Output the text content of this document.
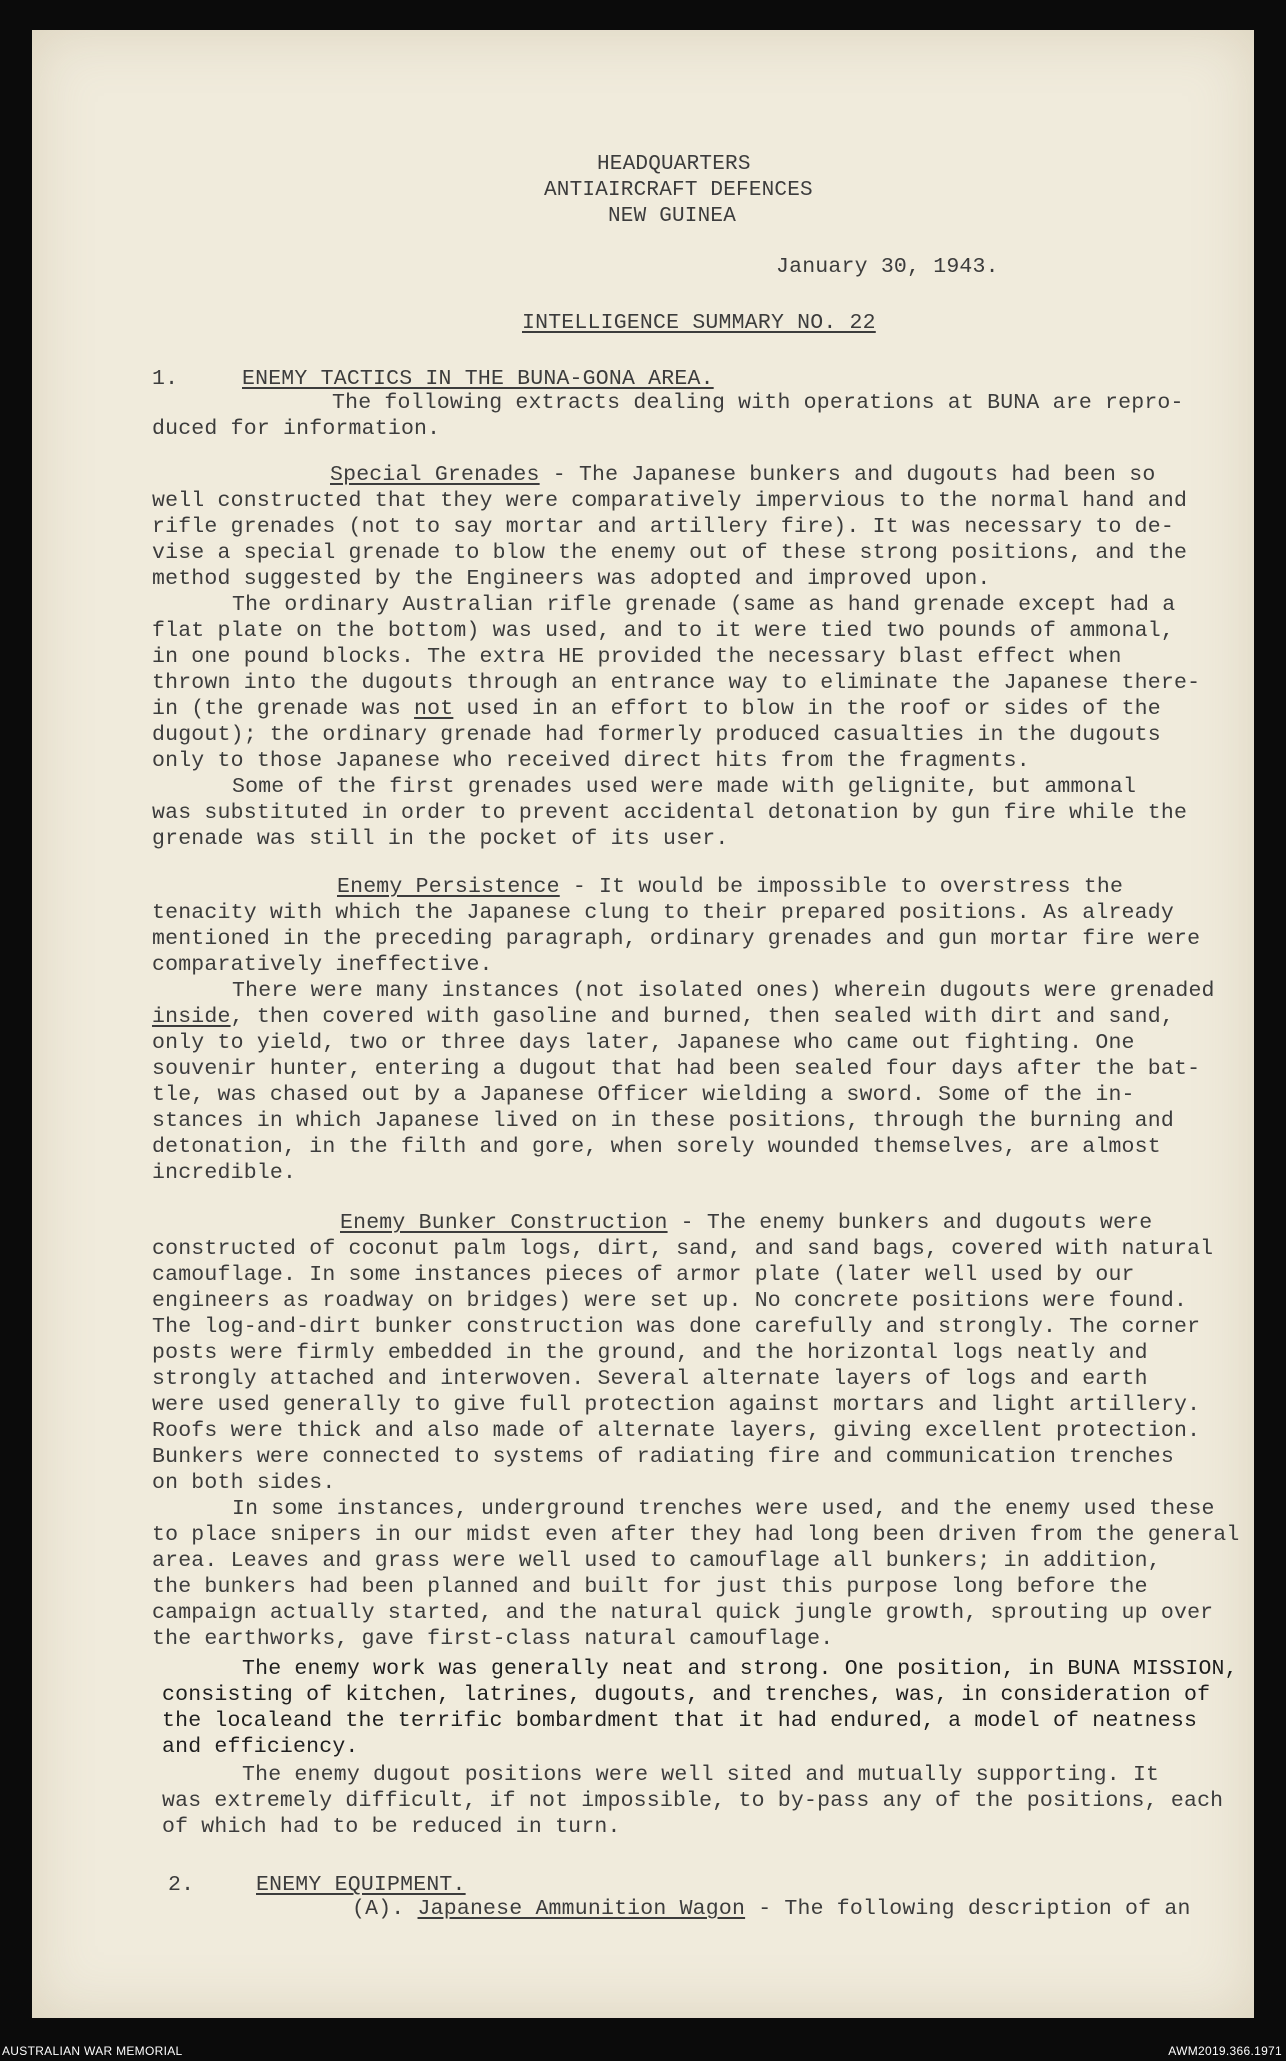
HEADQUARTERS
ANTIAIRCRAFT DEFENCES
NEW GUINEA
January 30, 1943.
INTELLIGENCE SUMMARY NO. 22
1.	ENEMY TACTICS IN THE BUNA-GONA AREA.
The following extracts dealing with operations at BUNA are repro-
duced for information.
Special Grenades - The Japanese bunkers and dugouts had been so
well constructed that they were comparatively impervious to the normal hand and
rifle grenades (not to say mortar and artillery fire). It was necessary to de-
vise a special grenade to blow the enemy out of these strong positions, and the
method suggested by the Engineers was adopted and improved upon.
The ordinary Australian rifle grenade (same as hand grenade except had a
flat plate on the bottom) was used, and to it were tied two pounds of ammonal,
in one pound blocks. The extra HE provided the necessary blast effect when
thrown into the dugouts through an entrance way to eliminate the Japanese there-
in (the grenade was not used in an effort to blow in the roof or sides of the
dugout); the ordinary grenade had formerly produced casualties in the dugouts
only to those Japanese who received direct hits from the fragments.
Some of the first grenades used were made with gelignite, but ammonal
was substituted in order to prevent accidental detonation by gun fire while the
grenade was still in the pocket of its user.
Enemy Persistence - It would be impossible to overstress the
tenacity with which the Japanese clung to their prepared positions. As already
mentioned in the preceding paragraph, ordinary grenades and gun mortar fire were
comparatively ineffective.
There were many instances (not isolated ones) wherein dugouts were grenaded
inside, then covered with gasoline and burned, then sealed with dirt and sand,
only to yield, two or three days later, Japanese who came out fighting. One
souvenir hunter, entering a dugout that had been sealed four days after the bat-
tle, was chased out by a Japanese Officer wielding a sword. Some of the in-
stances in which Japanese lived on in these positions, through the burning and
detonation, in the filth and gore, when sorely wounded themselves, are almost
incredible.
Enemy Bunker Construction - The enemy bunkers and dugouts were
constructed of coconut palm logs, dirt, sand, and sand bags, covered with natural
camouflage. In some instances pieces of armor plate (later well used by our
engineers as roadway on bridges) were set up. No concrete positions were found.
The log-and-dirt bunker construction was done carefully and strongly. The corner
posts were firmly embedded in the ground, and the horizontal logs neatly and
strongly attached and interwoven. Several alternate layers of logs and earth
were used generally to give full protection against mortars and light artillery.
Roofs were thick and also made of alternate layers, giving excellent protection.
Bunkers were connected to systems of radiating fire and communication trenches
on both sides.
In some instances, underground trenches were used, and the enemy used these
to place snipers in our midst even after they had long been driven from the general
area. Leaves and grass were well used to camouflage all bunkers; in addition,
the bunkers had been planned and built for just this purpose long before the
campaign actually started, and the natural quick jungle growth, sprouting up over
the earthworks, gave first-class natural camouflage.
The enemy work was generally neat and strong. One position, in BUNA MISSION,
consisting of kitchen, latrines, dugouts, and trenches, was, in consideration of
the localeand the terrific bombardment that it had endured, a model of neatness
and efficiency.
The enemy dugout positions were well sited and mutually supporting. It
was extremely difficult, if not impossible, to by-pass any of the positions, each
of which had to be reduced in turn.
2.	ENEMY EQUIPMENT.
(A). Japanese Ammunition Wagon - The following description of an
AUSTRALIAN WAR MEMORIAL	AWM2019.366.1971
